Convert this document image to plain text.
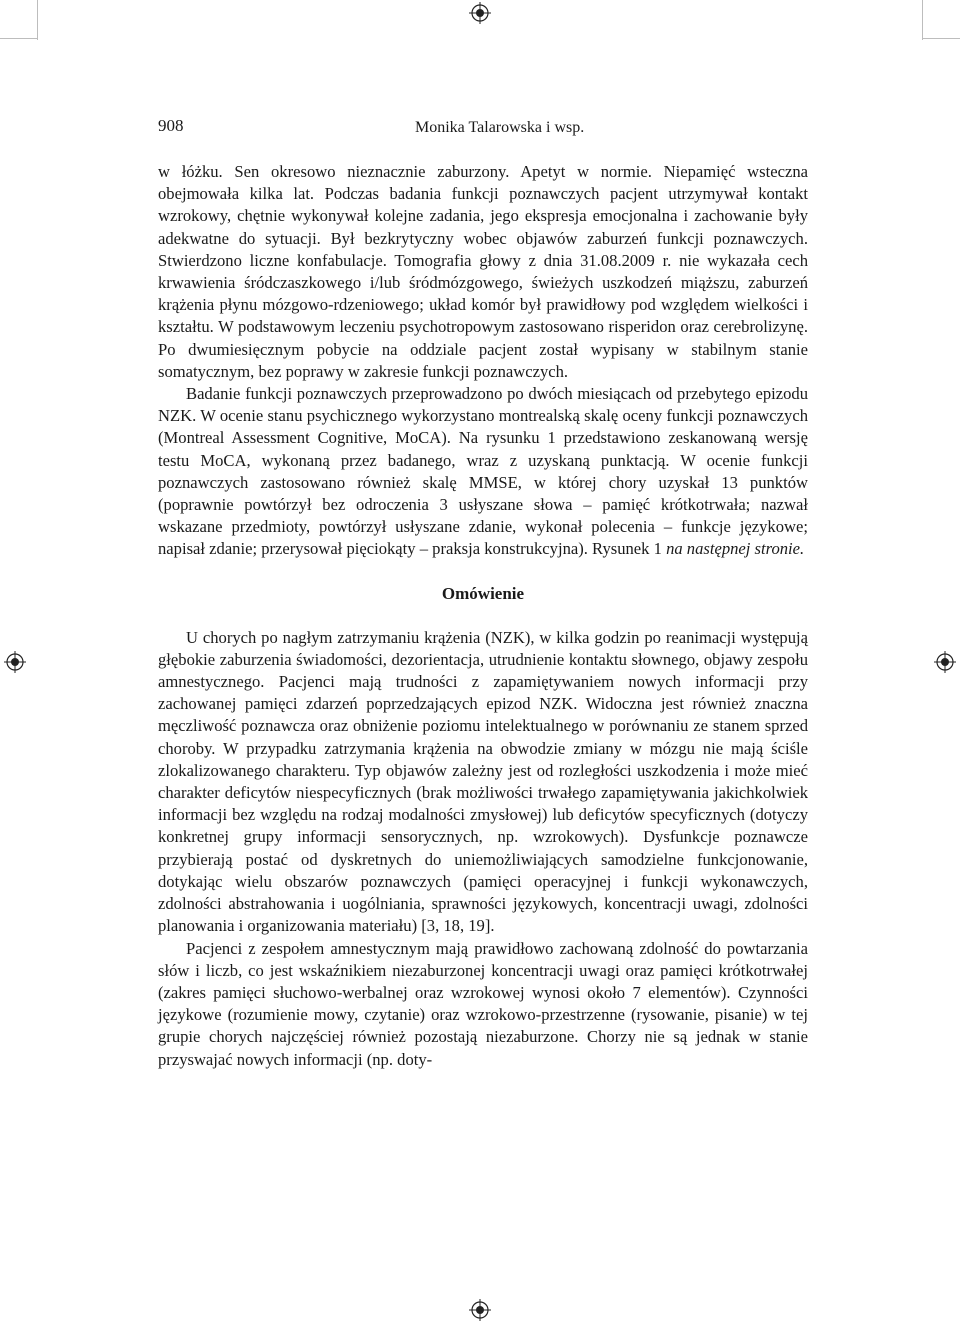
908	Monika Talarowska i wsp.

w łóżku. Sen okresowo nieznacznie zaburzony. Apetyt w normie. Niepamięć wsteczna obejmowała kilka lat. Podczas badania funkcji poznawczych pacjent utrzymywał kontakt wzrokowy, chętnie wykonywał kolejne zadania, jego ekspresja emocjonalna i zachowanie były adekwatne do sytuacji. Był bezkrytyczny wobec objawów zaburzeń funkcji poznawczych. Stwierdzono liczne konfabulacje. Tomografia głowy z dnia 31.08.2009 r. nie wykazała cech krwawienia śródczaszkowego i/lub śródmózgowego, świeżych uszkodzeń miąższu, zaburzeń krążenia płynu mózgowo-rdzeniowego; układ komór był prawidłowy pod względem wielkości i kształtu. W podstawowym leczeniu psychotropowym zastosowano risperidon oraz cerebrolizynę. Po dwumiesięcznym pobycie na oddziale pacjent został wypisany w stabilnym stanie somatycznym, bez poprawy w zakresie funkcji poznawczych.

Badanie funkcji poznawczych przeprowadzono po dwóch miesiącach od przebytego epizodu NZK. W ocenie stanu psychicznego wykorzystano montrealską skalę oceny funkcji poznawczych (Montreal Assessment Cognitive, MoCA). Na rysunku 1 przedstawiono zeskanowaną wersję testu MoCA, wykonaną przez badanego, wraz z uzyskaną punktacją. W ocenie funkcji poznawczych zastosowano również skalę MMSE, w której chory uzyskał 13 punktów (poprawnie powtórzył bez odroczenia 3 usłyszane słowa – pamięć krótkotrwała; nazwał wskazane przedmioty, powtórzył usłyszane zdanie, wykonał polecenia – funkcje językowe; napisał zdanie; przerysował pięciokąty – praksja konstrukcyjna). Rysunek 1 na następnej stronie.

Omówienie

U chorych po nagłym zatrzymaniu krążenia (NZK), w kilka godzin po reanimacji występują głębokie zaburzenia świadomości, dezorientacja, utrudnienie kontaktu słownego, objawy zespołu amnestycznego. Pacjenci mają trudności z zapamiętywaniem nowych informacji przy zachowanej pamięci zdarzeń poprzedzających epizod NZK. Widoczna jest również znaczna męczliwość poznawcza oraz obniżenie poziomu intelektualnego w porównaniu ze stanem sprzed choroby. W przypadku zatrzymania krążenia na obwodzie zmiany w mózgu nie mają ściśle zlokalizowanego charakteru. Typ objawów zależny jest od rozległości uszkodzenia i może mieć charakter deficytów niespecyficznych (brak możliwości trwałego zapamiętywania jakichkolwiek informacji bez względu na rodzaj modalności zmysłowej) lub deficytów specyficznych (dotyczy konkretnej grupy informacji sensorycznych, np. wzrokowych). Dysfunkcje poznawcze przybierają postać od dyskretnych do uniemożliwiających samodzielne funkcjonowanie, dotykając wielu obszarów poznawczych (pamięci operacyjnej i funkcji wykonawczych, zdolności abstrahowania i uogólniania, sprawności językowych, koncentracji uwagi, zdolności planowania i organizowania materiału) [3, 18, 19].

Pacjenci z zespołem amnestycznym mają prawidłowo zachowaną zdolność do powtarzania słów i liczb, co jest wskaźnikiem niezaburzonej koncentracji uwagi oraz pamięci krótkotrwałej (zakres pamięci słuchowo-werbalnej oraz wzrokowej wynosi około 7 elementów). Czynności językowe (rozumienie mowy, czytanie) oraz wzrokowo-przestrzenne (rysowanie, pisanie) w tej grupie chorych najczęściej również pozostają niezaburzone. Chorzy nie są jednak w stanie przyswajać nowych informacji (np. doty-
